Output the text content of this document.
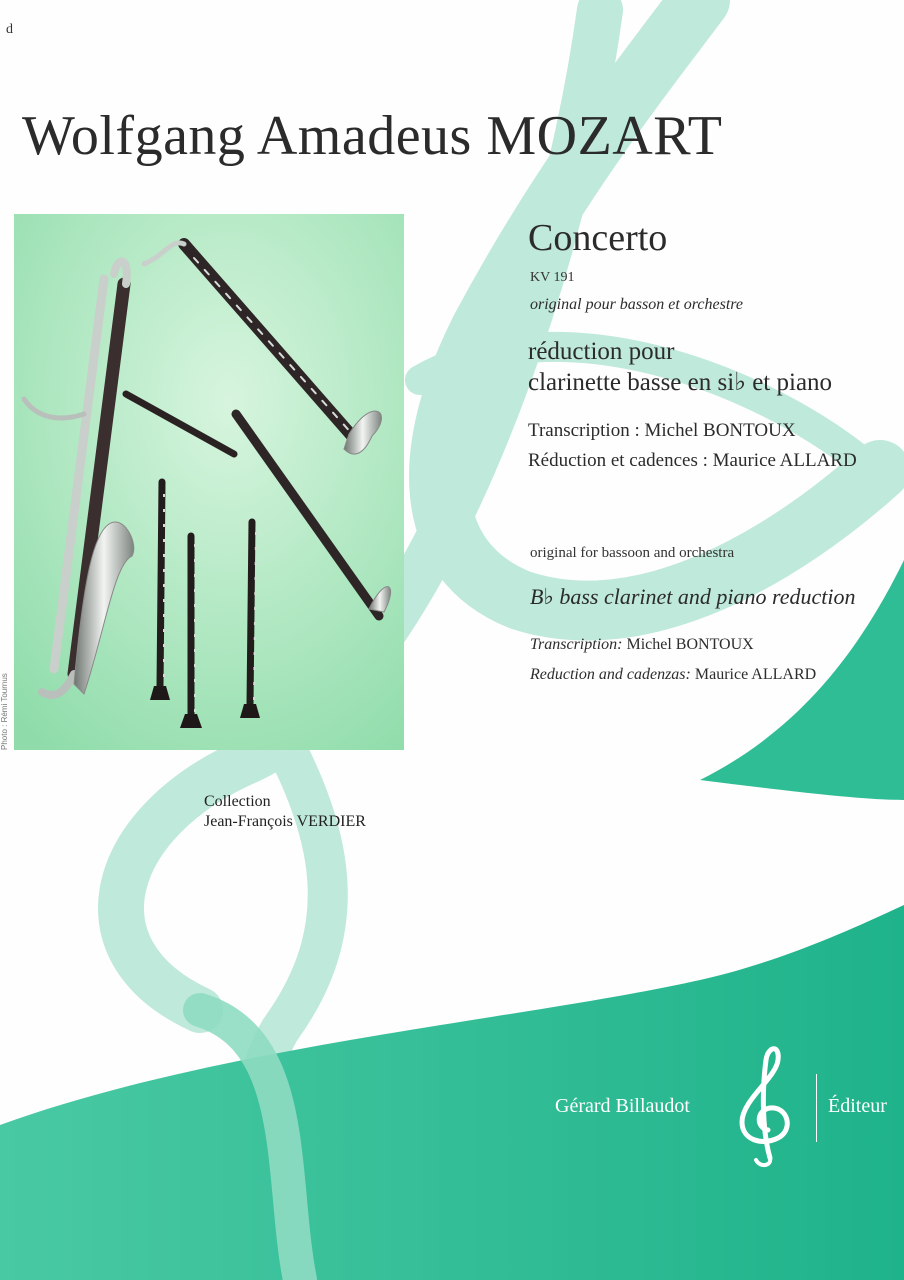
d
Wolfgang Amadeus MOZART
Photo : Rémi Tournus
Concerto
KV 191
original pour basson et orchestre
réduction pour
clarinette basse en si♭ et piano
Transcription : Michel BONTOUX
Réduction et cadences : Maurice ALLARD
original for bassoon and orchestra
B♭ bass clarinet and piano reduction
Transcription: Michel BONTOUX
Reduction and cadenzas: Maurice ALLARD
Collection
Jean-François VERDIER
Gérard Billaudot	Éditeur
